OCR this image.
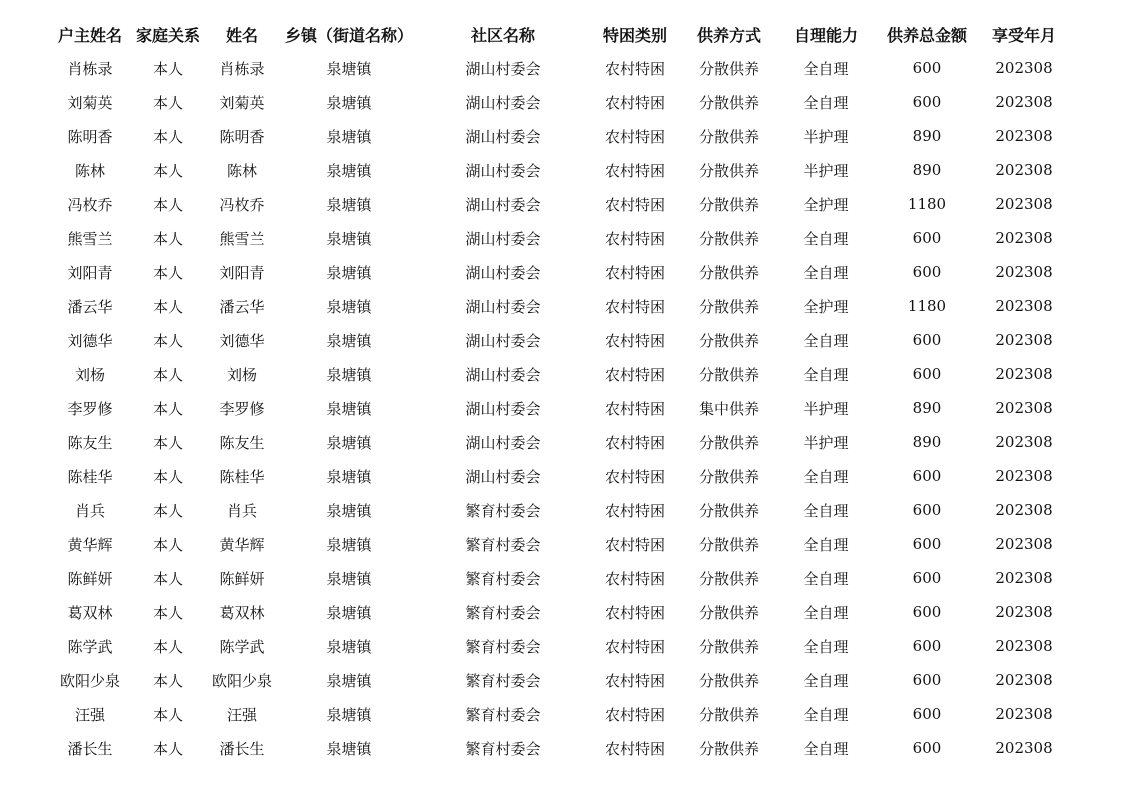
户主姓名	家庭关系	姓名	乡镇（街道名称）	社区名称	特困类别	供养方式	自理能力	供养总金额	享受年月
肖栋录	本人	肖栋录	泉塘镇	湖山村委会	农村特困	分散供养	全自理	600	202308
刘菊英	本人	刘菊英	泉塘镇	湖山村委会	农村特困	分散供养	全自理	600	202308
陈明香	本人	陈明香	泉塘镇	湖山村委会	农村特困	分散供养	半护理	890	202308
陈林	本人	陈林	泉塘镇	湖山村委会	农村特困	分散供养	半护理	890	202308
冯枚乔	本人	冯枚乔	泉塘镇	湖山村委会	农村特困	分散供养	全护理	1180	202308
熊雪兰	本人	熊雪兰	泉塘镇	湖山村委会	农村特困	分散供养	全自理	600	202308
刘阳青	本人	刘阳青	泉塘镇	湖山村委会	农村特困	分散供养	全自理	600	202308
潘云华	本人	潘云华	泉塘镇	湖山村委会	农村特困	分散供养	全护理	1180	202308
刘德华	本人	刘德华	泉塘镇	湖山村委会	农村特困	分散供养	全自理	600	202308
刘杨	本人	刘杨	泉塘镇	湖山村委会	农村特困	分散供养	全自理	600	202308
李罗修	本人	李罗修	泉塘镇	湖山村委会	农村特困	集中供养	半护理	890	202308
陈友生	本人	陈友生	泉塘镇	湖山村委会	农村特困	分散供养	半护理	890	202308
陈桂华	本人	陈桂华	泉塘镇	湖山村委会	农村特困	分散供养	全自理	600	202308
肖兵	本人	肖兵	泉塘镇	繁育村委会	农村特困	分散供养	全自理	600	202308
黄华辉	本人	黄华辉	泉塘镇	繁育村委会	农村特困	分散供养	全自理	600	202308
陈鲜妍	本人	陈鲜妍	泉塘镇	繁育村委会	农村特困	分散供养	全自理	600	202308
葛双林	本人	葛双林	泉塘镇	繁育村委会	农村特困	分散供养	全自理	600	202308
陈学武	本人	陈学武	泉塘镇	繁育村委会	农村特困	分散供养	全自理	600	202308
欧阳少泉	本人	欧阳少泉	泉塘镇	繁育村委会	农村特困	分散供养	全自理	600	202308
汪强	本人	汪强	泉塘镇	繁育村委会	农村特困	分散供养	全自理	600	202308
潘长生	本人	潘长生	泉塘镇	繁育村委会	农村特困	分散供养	全自理	600	202308
